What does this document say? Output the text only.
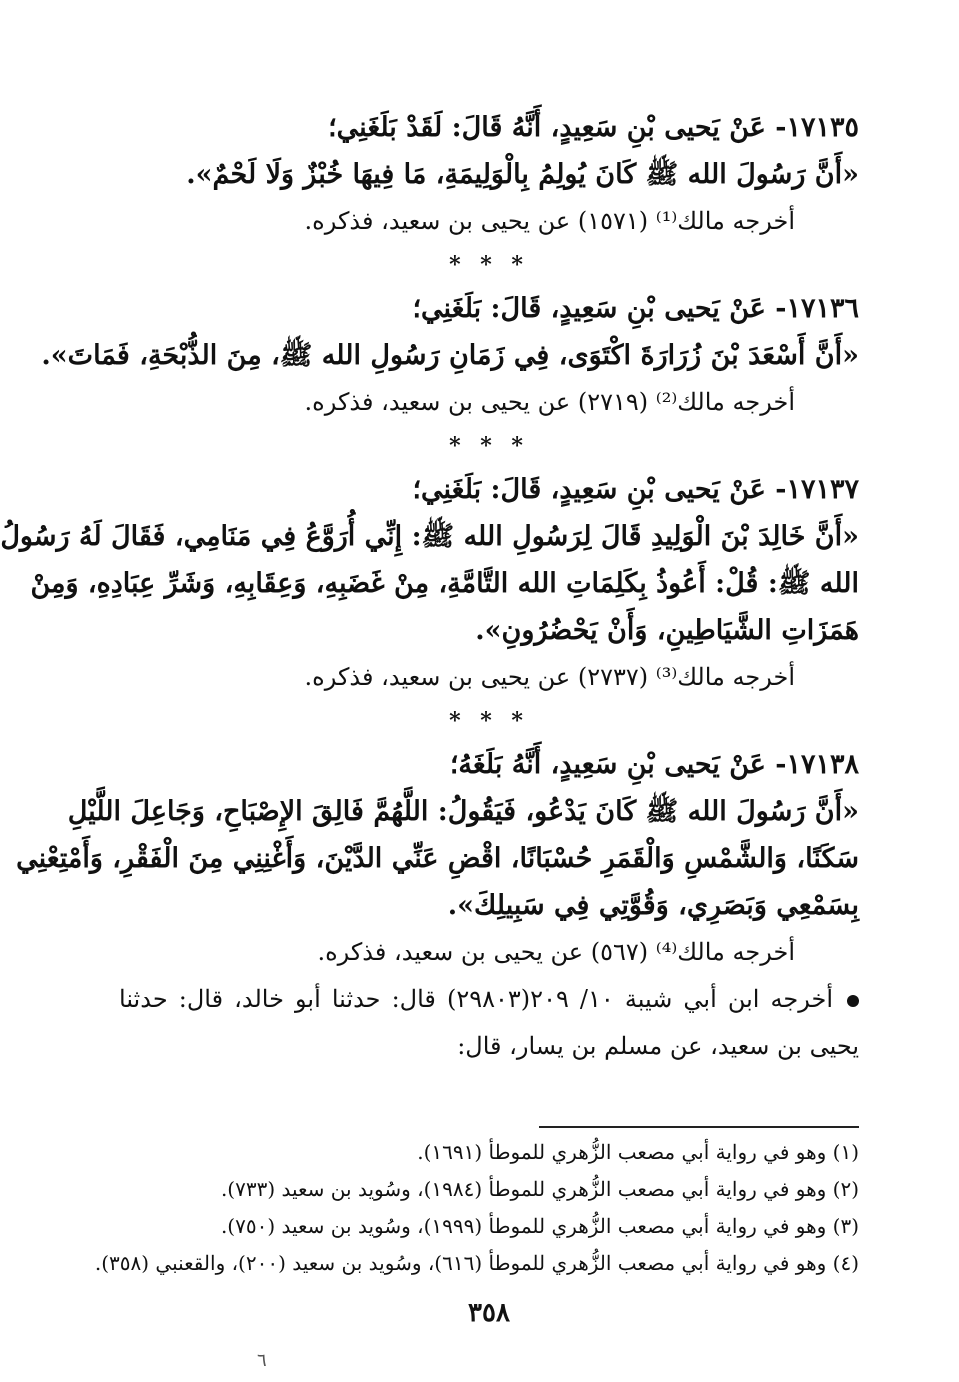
١٧١٣٥- عَنْ يَحيى بْنِ سَعِيدٍ، أَنَّهُ قَالَ: لَقَدْ بَلَغَنِي؛
«أَنَّ رَسُولَ الله ﷺ كَانَ يُولِمُ بِالْوَلِيمَةِ، مَا فِيهَا خُبْزٌ وَلَا لَحْمٌ».
أخرجه مالك⁽¹⁾ (١٥٧١) عن يحيى بن سعيد، فذكره.
* * *
١٧١٣٦- عَنْ يَحيى بْنِ سَعِيدٍ، قَالَ: بَلَغَنِي؛
«أَنَّ أَسْعَدَ بْنَ زُرَارَةَ اكْتَوَى، فِي زَمَانِ رَسُولِ الله ﷺ، مِنَ الذُّبْحَةِ، فَمَاتَ».
أخرجه مالك⁽²⁾ (٢٧١٩) عن يحيى بن سعيد، فذكره.
* * *
١٧١٣٧- عَنْ يَحيى بْنِ سَعِيدٍ، قَالَ: بَلَغَنِي؛
«أَنَّ خَالِدَ بْنَ الْوَلِيدِ قَالَ لِرَسُولِ الله ﷺ: إِنِّي أُرَوَّعُ فِي مَنَامِي، فَقَالَ لَهُ رَسُولُ
الله ﷺ: قُلْ: أَعُوذُ بِكَلِمَاتِ الله التَّامَّةِ، مِنْ غَضَبِهِ، وَعِقَابِهِ، وَشَرِّ عِبَادِهِ، وَمِنْ
هَمَزَاتِ الشَّيَاطِينِ، وَأَنْ يَحْضُرُونِ».
أخرجه مالك⁽³⁾ (٢٧٣٧) عن يحيى بن سعيد، فذكره.
* * *
١٧١٣٨- عَنْ يَحيى بْنِ سَعِيدٍ، أَنَّهُ بَلَغَهُ؛
«أَنَّ رَسُولَ الله ﷺ كَانَ يَدْعُو، فَيَقُولُ: اللَّهُمَّ فَالِقَ الإِصْبَاحِ، وَجَاعِلَ اللَّيْلِ
سَكَنًا، وَالشَّمْسِ وَالْقَمَرِ حُسْبَانًا، اقْضِ عَنِّي الدَّيْنَ، وَأَغْنِنِي مِنَ الْفَقْرِ، وَأَمْتِعْنِي
بِسَمْعِي وَبَصَرِي، وَقُوَّتِي فِي سَبِيلِكَ».
أخرجه مالك⁽⁴⁾ (٥٦٧) عن يحيى بن سعيد، فذكره.
أخرجه ابن أبي شيبة ١٠/ ٢٠٩(٢٩٨٠٣) قال: حدثنا أبو خالد، قال: حدثنا
يحيى بن سعيد، عن مسلم بن يسار، قال:
(١) وهو في رواية أبي مصعب الزُّهري للموطأ (١٦٩١).
(٢) وهو في رواية أبي مصعب الزُّهري للموطأ (١٩٨٤)، وسُويد بن سعيد (٧٣٣).
(٣) وهو في رواية أبي مصعب الزُّهري للموطأ (١٩٩٩)، وسُويد بن سعيد (٧٥٠).
(٤) وهو في رواية أبي مصعب الزُّهري للموطأ (٦١٦)، وسُويد بن سعيد (٢٠٠)، والقعنبي (٣٥٨).
٣٥٨
٦
